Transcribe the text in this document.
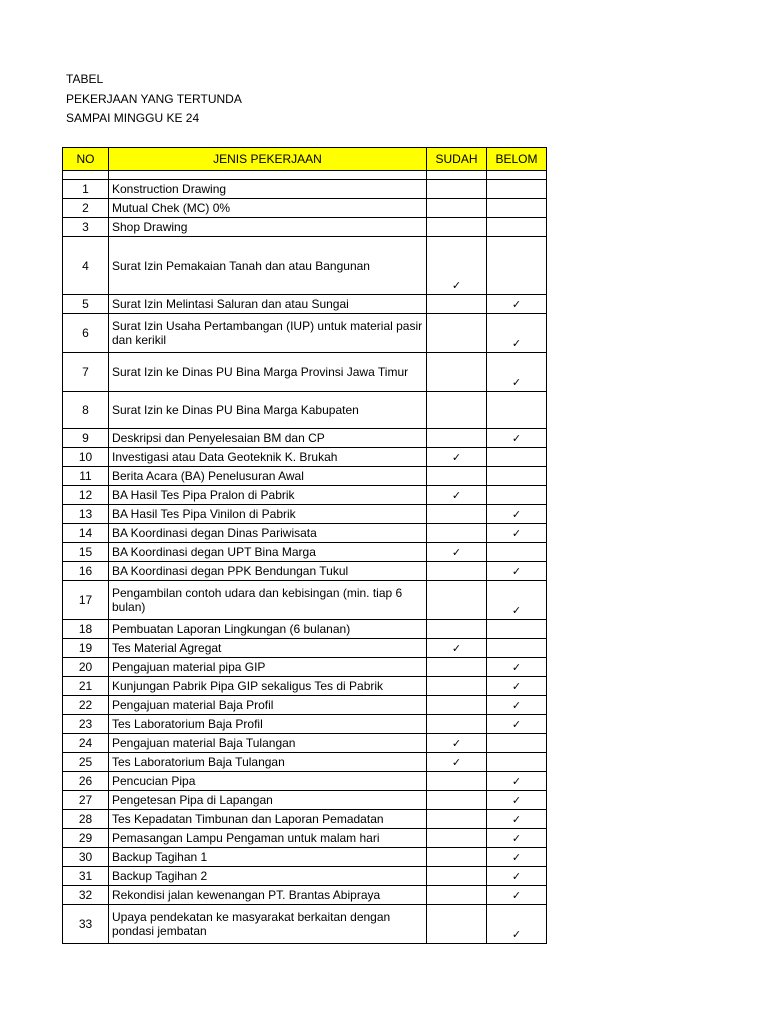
TABEL
PEKERJAAN YANG TERTUNDA
SAMPAI MINGGU KE 24
NO	JENIS PEKERJAAN	SUDAH	BELOM

1	Konstruction Drawing		
2	Mutual Chek (MC) 0%		
3	Shop Drawing		
4	Surat Izin Pemakaian Tanah dan atau Bangunan	✓	
5	Surat Izin Melintasi Saluran dan atau Sungai		✓
6	Surat Izin Usaha Pertambangan (IUP) untuk material pasir dan kerikil		✓
7	Surat Izin ke Dinas PU Bina Marga Provinsi Jawa Timur		✓
8	Surat Izin ke Dinas PU Bina Marga Kabupaten		
9	Deskripsi dan Penyelesaian BM dan CP		✓
10	Investigasi atau Data Geoteknik K. Brukah	✓	
11	Berita Acara (BA) Penelusuran Awal		
12	BA Hasil Tes Pipa Pralon di Pabrik	✓	
13	BA Hasil Tes Pipa Vinilon di Pabrik		✓
14	BA Koordinasi degan Dinas Pariwisata		✓
15	BA Koordinasi degan UPT Bina Marga	✓	
16	BA Koordinasi degan PPK Bendungan Tukul		✓
17	Pengambilan contoh udara dan kebisingan (min. tiap 6 bulan)		✓
18	Pembuatan Laporan Lingkungan (6 bulanan)		
19	Tes Material Agregat	✓	
20	Pengajuan material pipa GIP		✓
21	Kunjungan Pabrik Pipa GIP sekaligus Tes di Pabrik		✓
22	Pengajuan material Baja Profil		✓
23	Tes Laboratorium Baja Profil		✓
24	Pengajuan material Baja Tulangan	✓	
25	Tes Laboratorium Baja Tulangan	✓	
26	Pencucian Pipa		✓
27	Pengetesan Pipa di Lapangan		✓
28	Tes Kepadatan Timbunan dan Laporan Pemadatan		✓
29	Pemasangan Lampu Pengaman untuk malam hari		✓
30	Backup Tagihan 1		✓
31	Backup Tagihan 2		✓
32	Rekondisi jalan kewenangan PT. Brantas Abipraya		✓
33	Upaya pendekatan ke masyarakat berkaitan dengan pondasi jembatan		✓
